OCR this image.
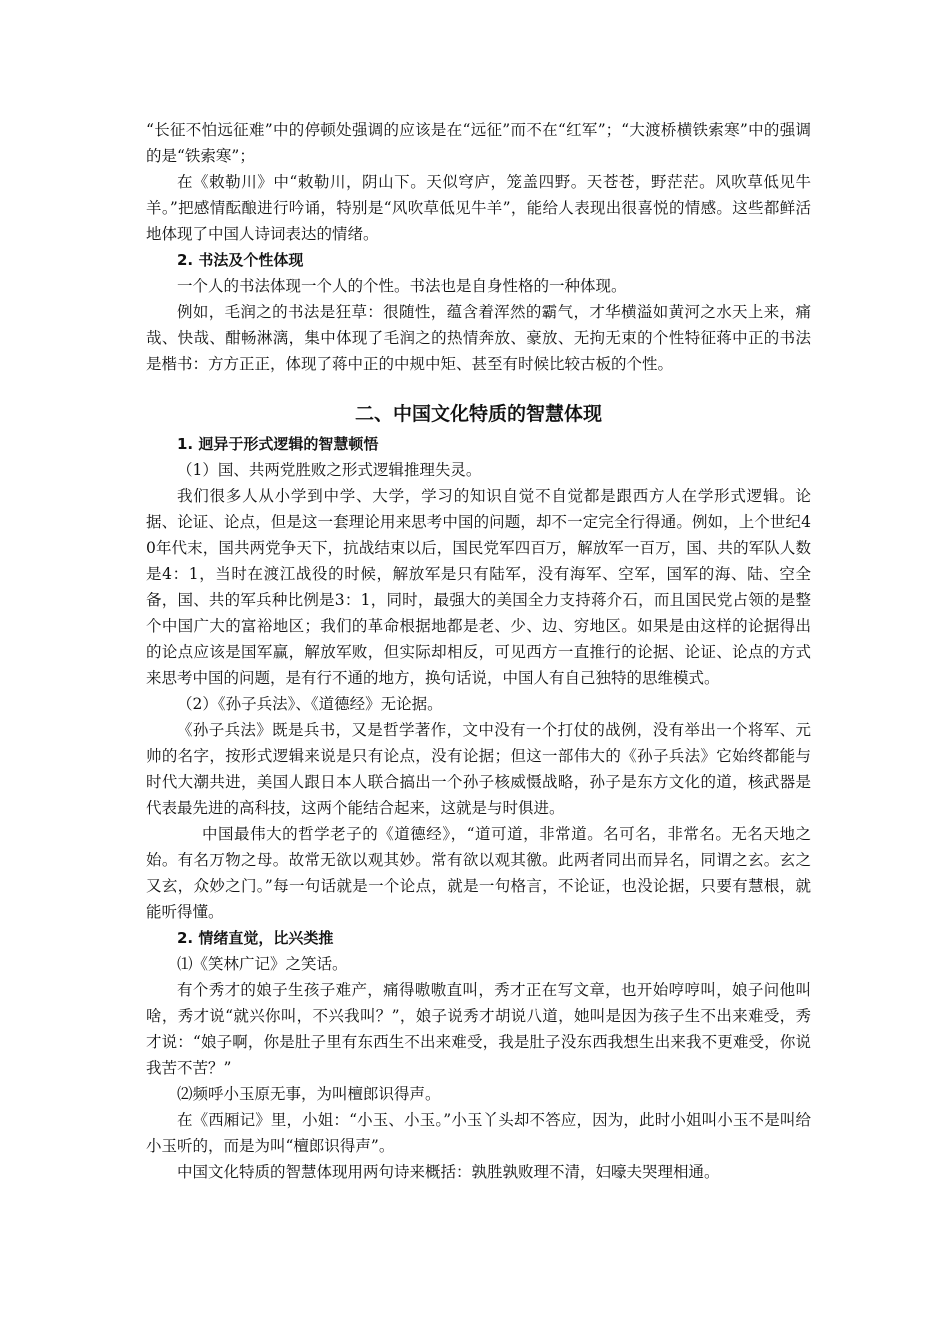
“长征不怕远征难”中的停顿处强调的应该是在“远征”而不在“红军”；“大渡桥横铁索寒”中的强调的是“铁索寒”；

在《敕勒川》中“敕勒川，阴山下。天似穹庐，笼盖四野。天苍苍，野茫茫。风吹草低见牛羊。”把感情酝酿进行吟诵，特别是“风吹草低见牛羊”，能给人表现出很喜悦的情感。这些都鲜活地体现了中国人诗词表达的情绪。

2. 书法及个性体现

一个人的书法体现一个人的个性。书法也是自身性格的一种体现。

例如，毛润之的书法是狂草：很随性，蕴含着浑然的霸气，才华横溢如黄河之水天上来，痛哉、快哉、酣畅淋漓，集中体现了毛润之的热情奔放、豪放、无拘无束的个性特征蒋中正的书法是楷书：方方正正，体现了蒋中正的中规中矩、甚至有时候比较古板的个性。

二、中国文化特质的智慧体现
1. 迥异于形式逻辑的智慧顿悟

（1）国、共两党胜败之形式逻辑推理失灵。

我们很多人从小学到中学、大学，学习的知识自觉不自觉都是跟西方人在学形式逻辑。论据、论证、论点，但是这一套理论用来思考中国的问题，却不一定完全行得通。例如，上个世纪40年代末，国共两党争天下，抗战结束以后，国民党军四百万，解放军一百万，国、共的军队人数是4：1，当时在渡江战役的时候，解放军是只有陆军，没有海军、空军，国军的海、陆、空全备，国、共的军兵种比例是3：1，同时，最强大的美国全力支持蒋介石，而且国民党占领的是整个中国广大的富裕地区；我们的革命根据地都是老、少、边、穷地区。如果是由这样的论据得出的论点应该是国军赢，解放军败，但实际却相反，可见西方一直推行的论据、论证、论点的方式来思考中国的问题，是有行不通的地方，换句话说，中国人有自己独特的思维模式。

（2）《孙子兵法》、《道德经》无论据。

《孙子兵法》既是兵书，又是哲学著作，文中没有一个打仗的战例，没有举出一个将军、元帅的名字，按形式逻辑来说是只有论点，没有论据；但这一部伟大的《孙子兵法》它始终都能与时代大潮共进，美国人跟日本人联合搞出一个孙子核威慑战略，孙子是东方文化的道，核武器是代表最先进的高科技，这两个能结合起来，这就是与时俱进。

中国最伟大的哲学老子的《道德经》，“道可道，非常道。名可名，非常名。无名天地之始。有名万物之母。故常无欲以观其妙。常有欲以观其徼。此两者同出而异名，同谓之玄。玄之又玄，众妙之门。”每一句话就是一个论点，就是一句格言，不论证，也没论据，只要有慧根，就能听得懂。

2. 情绪直觉，比兴类推

⑴《笑林广记》之笑话。

有个秀才的娘子生孩子难产，痛得嗷嗷直叫，秀才正在写文章，也开始哼哼叫，娘子问他叫啥，秀才说“就兴你叫，不兴我叫？”，娘子说秀才胡说八道，她叫是因为孩子生不出来难受，秀才说：“娘子啊，你是肚子里有东西生不出来难受，我是肚子没东西我想生出来我不更难受，你说我苦不苦？”

⑵频呼小玉原无事，为叫檀郎识得声。

在《西厢记》里，小姐：“小玉、小玉。”小玉丫头却不答应，因为，此时小姐叫小玉不是叫给小玉听的，而是为叫“檀郎识得声”。

中国文化特质的智慧体现用两句诗来概括：孰胜孰败理不清，妇嚎夫哭理相通。
